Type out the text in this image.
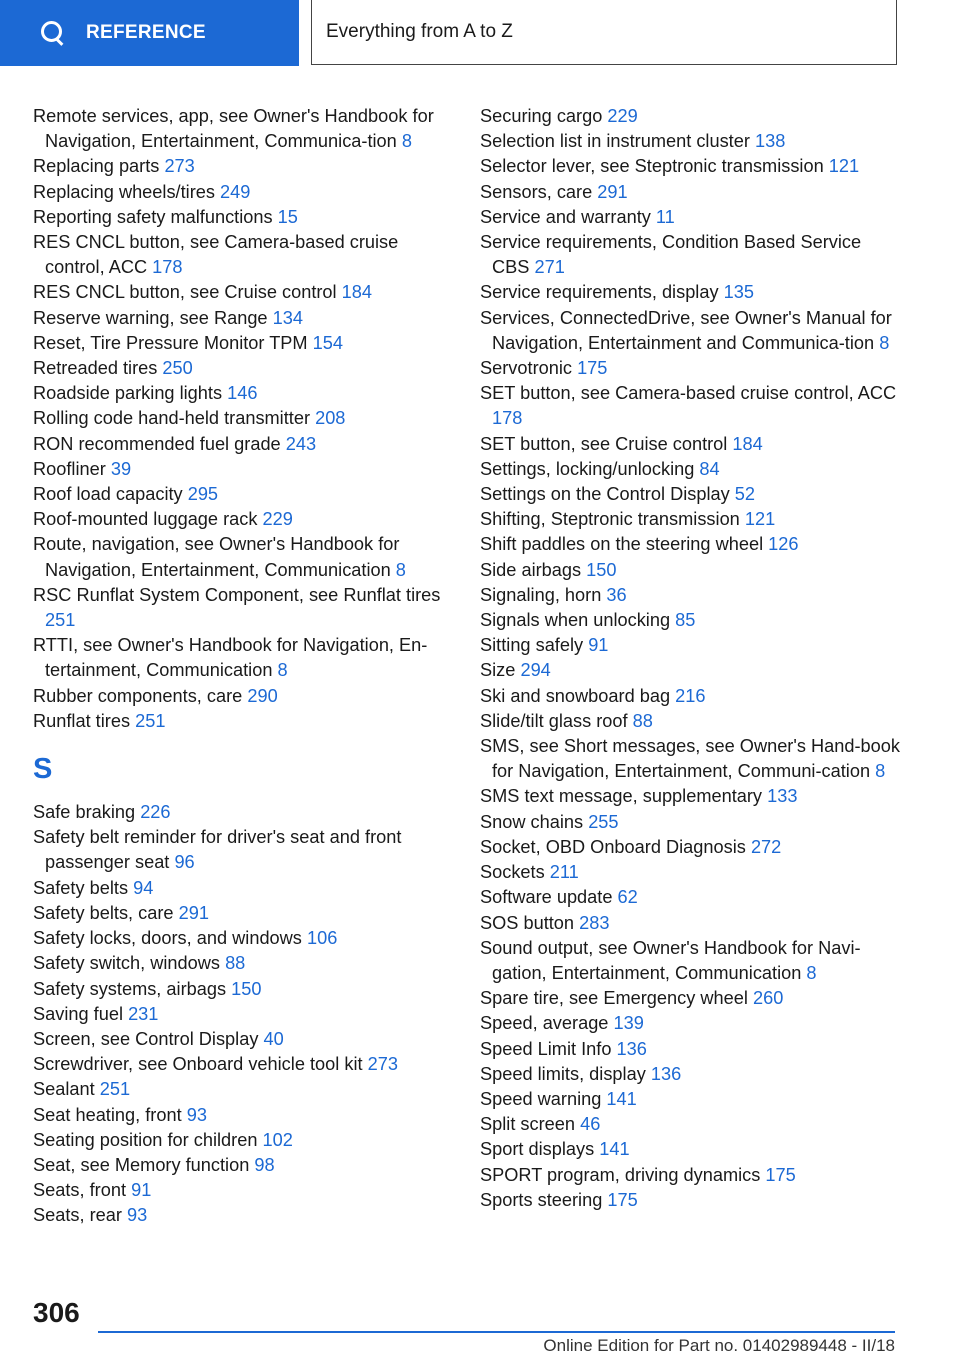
REFERENCE	Everything from A to Z
Remote services, app, see Owner's Handbook for Navigation, Entertainment, Communica-tion 8
Replacing parts 273
Replacing wheels/tires 249
Reporting safety malfunctions 15
RES CNCL button, see Camera-based cruise control, ACC 178
RES CNCL button, see Cruise control 184
Reserve warning, see Range 134
Reset, Tire Pressure Monitor TPM 154
Retreaded tires 250
Roadside parking lights 146
Rolling code hand-held transmitter 208
RON recommended fuel grade 243
Roofliner 39
Roof load capacity 295
Roof-mounted luggage rack 229
Route, navigation, see Owner's Handbook for Navigation, Entertainment, Communication 8
RSC Runflat System Component, see Runflat tires 251
RTTI, see Owner's Handbook for Navigation, En-tertainment, Communication 8
Rubber components, care 290
Runflat tires 251
S
Safe braking 226
Safety belt reminder for driver's seat and front passenger seat 96
Safety belts 94
Safety belts, care 291
Safety locks, doors, and windows 106
Safety switch, windows 88
Safety systems, airbags 150
Saving fuel 231
Screen, see Control Display 40
Screwdriver, see Onboard vehicle tool kit 273
Sealant 251
Seat heating, front 93
Seating position for children 102
Seat, see Memory function 98
Seats, front 91
Seats, rear 93
Securing cargo 229
Selection list in instrument cluster 138
Selector lever, see Steptronic transmission 121
Sensors, care 291
Service and warranty 11
Service requirements, Condition Based Service CBS 271
Service requirements, display 135
Services, ConnectedDrive, see Owner's Manual for Navigation, Entertainment and Communica-tion 8
Servotronic 175
SET button, see Camera-based cruise control, ACC 178
SET button, see Cruise control 184
Settings, locking/unlocking 84
Settings on the Control Display 52
Shifting, Steptronic transmission 121
Shift paddles on the steering wheel 126
Side airbags 150
Signaling, horn 36
Signals when unlocking 85
Sitting safely 91
Size 294
Ski and snowboard bag 216
Slide/tilt glass roof 88
SMS, see Short messages, see Owner's Hand-book for Navigation, Entertainment, Communi-cation 8
SMS text message, supplementary 133
Snow chains 255
Socket, OBD Onboard Diagnosis 272
Sockets 211
Software update 62
SOS button 283
Sound output, see Owner's Handbook for Navi-gation, Entertainment, Communication 8
Spare tire, see Emergency wheel 260
Speed, average 139
Speed Limit Info 136
Speed limits, display 136
Speed warning 141
Split screen 46
Sport displays 141
SPORT program, driving dynamics 175
Sports steering 175
306
Online Edition for Part no. 01402989448 - II/18
